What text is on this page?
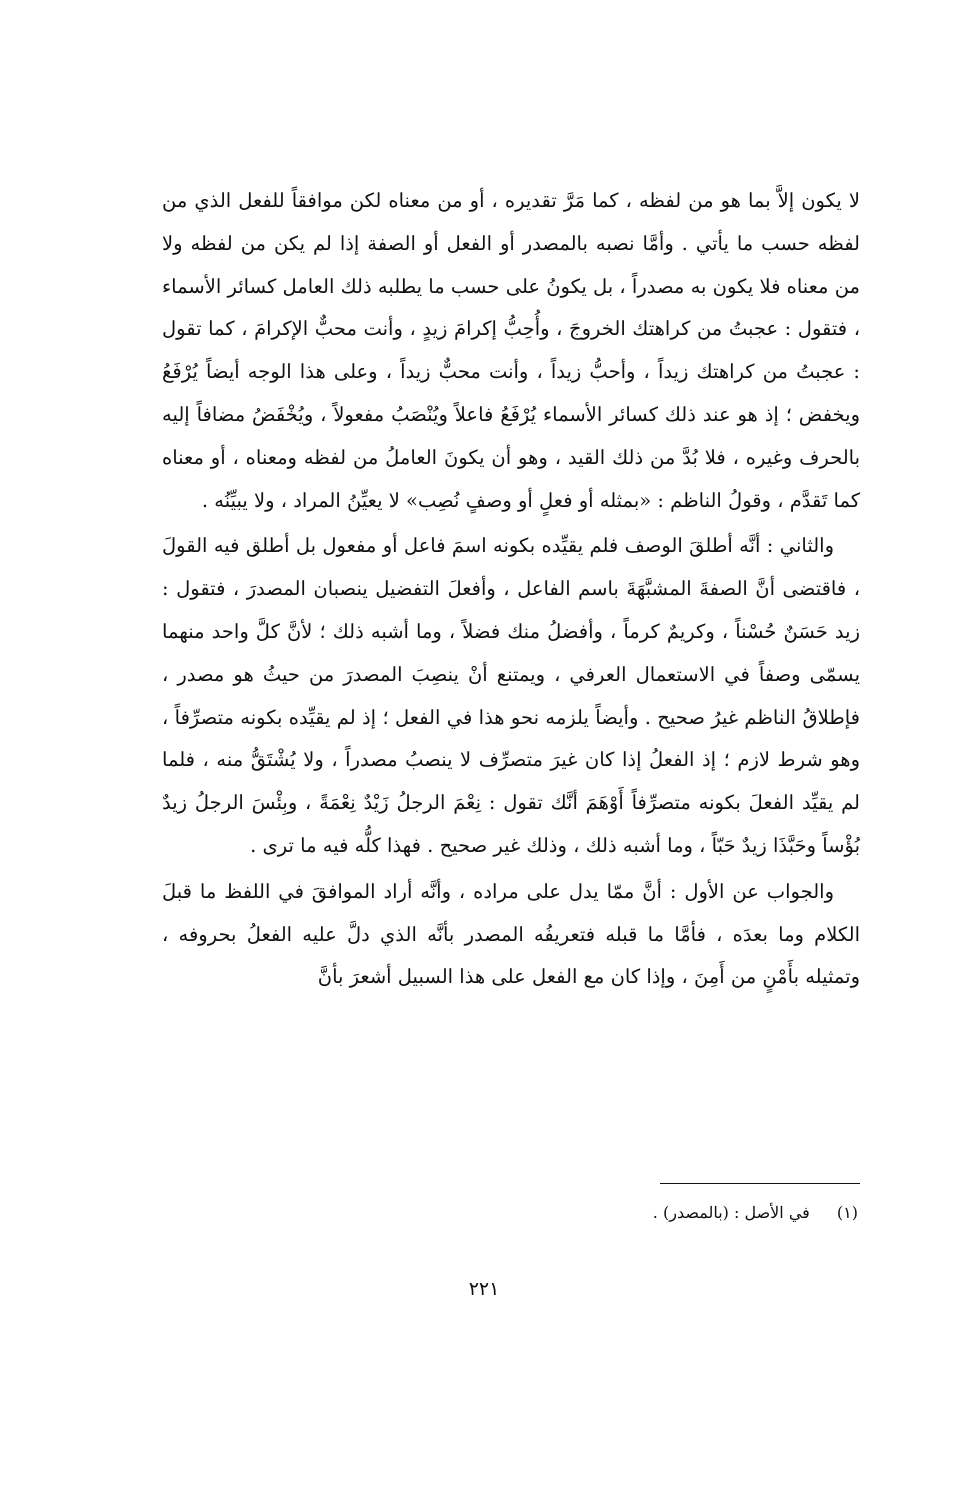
لا يكون إلاَّ بما هو من لفظه ، كما مَرَّ تقديره ، أو من معناه لكن موافقاً للفعل الذي من لفظه حسب ما يأتي . وأمَّا نصبه بالمصدر أو الفعل أو الصفة إذا لم يكن من لفظه ولا من معناه فلا يكون به مصدراً ، بل يكونُ على حسب ما يطلبه ذلك العامل كسائر الأسماء ، فتقول : عجبتُ من كراهتك الخروجَ ، وأُحِبُّ إكرامَ زيدٍ ، وأنت محبٌّ الإكرامَ ، كما تقول : عجبتُ من كراهتك زيداً ، وأحبُّ زيداً ، وأنت محبٌّ زيداً ، وعلى هذا الوجه أيضاً يُرْفَعُ ويخفض ؛ إذ هو عند ذلك كسائر الأسماء يُرْفَعُ فاعلاً ويُنْصَبُ مفعولاً ، ويُخْفَضُ مضافاً إليه بالحرف وغيره ، فلا بُدَّ من ذلك القيد ، وهو أن يكونَ العاملُ من لفظه ومعناه ، أو معناه كما تَقدَّم ، وقولُ الناظم : «بمثله أو فعلٍ أو وصفٍ نُصِب» لا يعيِّنُ المراد ، ولا يبيِّنُه .

والثاني : أنَّه أطلقَ الوصف فلم يقيِّده بكونه اسمَ فاعل أو مفعول بل أطلق فيه القولَ ، فاقتضى أنَّ الصفةَ المشبَّهَةَ باسم الفاعل ، وأفعلَ التفضيل ينصبان المصدرَ ، فتقول : زيد حَسَنٌ حُسْناً ، وكريمٌ كرماً ، وأفضلُ منك فضلاً ، وما أشبه ذلك ؛ لأنَّ كلَّ واحد منهما يسمّى وصفاً في الاستعمال العرفي ، ويمتنع أنْ ينصِبَ المصدرَ من حيثُ هو مصدر ، فإطلاقُ الناظم غيرُ صحيح . وأيضاً يلزمه نحو هذا في الفعل ؛ إذ لم يقيِّده بكونه متصرِّفاً ، وهو شرط لازم ؛ إذ الفعلُ إذا كان غيرَ متصرِّف لا ينصبُ مصدراً ، ولا يُشْتَقُّ منه ، فلما لم يقيِّد الفعلَ بكونه متصرِّفاً أَوْهَمَ أنَّك تقول : نِعْمَ الرجلُ زَيْدٌ نِعْمَةً ، وبِئْسَ الرجلُ زيدٌ بُؤْساً وحَبَّذَا زيدٌ حَبّاً ، وما أشبه ذلك ، وذلك غير صحيح . فهذا كلُّه فيه ما ترى .

والجواب عن الأول : أنَّ ممّا يدل على مراده ، وأنَّه أراد الموافقَ في اللفظ ما قبلَ الكلام وما بعدَه ، فأمَّا ما قبله فتعريفُه المصدر بأنَّه الذي دلَّ عليه الفعلُ بحروفه ، وتمثيله بأَمْنٍ من أَمِنَ ، وإذا كان مع الفعل على هذا السبيل أشعرَ بأنَّ

(١) في الأصل : (بالمصدر) .
٢٢١
